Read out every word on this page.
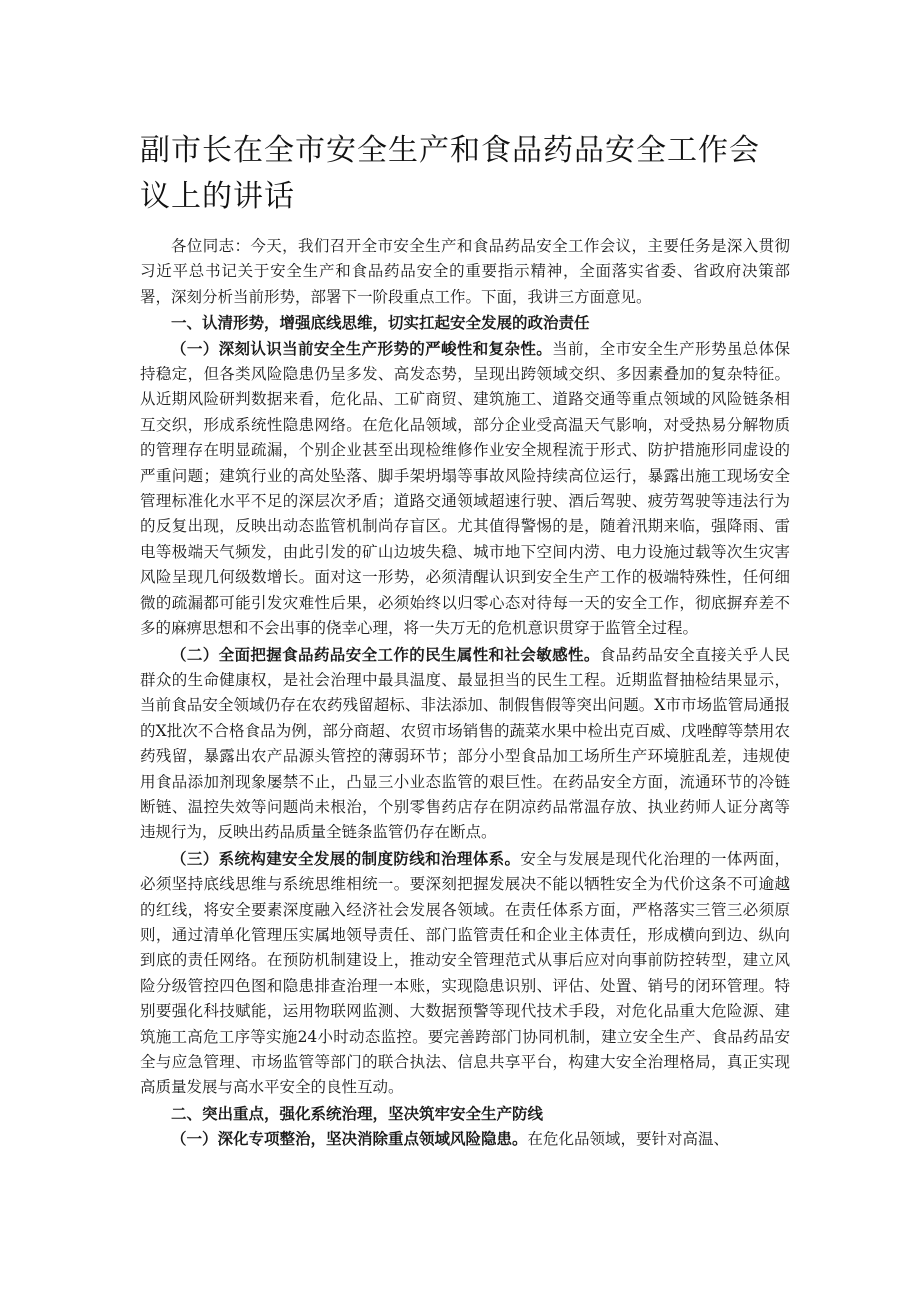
副市长在全市安全生产和食品药品安全工作会议上的讲话

各位同志：今天，我们召开全市安全生产和食品药品安全工作会议，主要任务是深入贯彻习近平总书记关于安全生产和食品药品安全的重要指示精神，全面落实省委、省政府决策部署，深刻分析当前形势，部署下一阶段重点工作。下面，我讲三方面意见。

一、认清形势，增强底线思维，切实扛起安全发展的政治责任

（一）深刻认识当前安全生产形势的严峻性和复杂性。当前，全市安全生产形势虽总体保持稳定，但各类风险隐患仍呈多发、高发态势，呈现出跨领域交织、多因素叠加的复杂特征。从近期风险研判数据来看，危化品、工矿商贸、建筑施工、道路交通等重点领域的风险链条相互交织，形成系统性隐患网络。在危化品领域，部分企业受高温天气影响，对受热易分解物质的管理存在明显疏漏，个别企业甚至出现检维修作业安全规程流于形式、防护措施形同虚设的严重问题；建筑行业的高处坠落、脚手架坍塌等事故风险持续高位运行，暴露出施工现场安全管理标准化水平不足的深层次矛盾；道路交通领域超速行驶、酒后驾驶、疲劳驾驶等违法行为的反复出现，反映出动态监管机制尚存盲区。尤其值得警惕的是，随着汛期来临，强降雨、雷电等极端天气频发，由此引发的矿山边坡失稳、城市地下空间内涝、电力设施过载等次生灾害风险呈现几何级数增长。面对这一形势，必须清醒认识到安全生产工作的极端特殊性，任何细微的疏漏都可能引发灾难性后果，必须始终以归零心态对待每一天的安全工作，彻底摒弃差不多的麻痹思想和不会出事的侥幸心理，将一失万无的危机意识贯穿于监管全过程。

（二）全面把握食品药品安全工作的民生属性和社会敏感性。食品药品安全直接关乎人民群众的生命健康权，是社会治理中最具温度、最显担当的民生工程。近期监督抽检结果显示，当前食品安全领域仍存在农药残留超标、非法添加、制假售假等突出问题。X市市场监管局通报的X批次不合格食品为例，部分商超、农贸市场销售的蔬菜水果中检出克百威、戊唑醇等禁用农药残留，暴露出农产品源头管控的薄弱环节；部分小型食品加工场所生产环境脏乱差，违规使用食品添加剂现象屡禁不止，凸显三小业态监管的艰巨性。在药品安全方面，流通环节的冷链断链、温控失效等问题尚未根治，个别零售药店存在阴凉药品常温存放、执业药师人证分离等违规行为，反映出药品质量全链条监管仍存在断点。

（三）系统构建安全发展的制度防线和治理体系。安全与发展是现代化治理的一体两面，必须坚持底线思维与系统思维相统一。要深刻把握发展决不能以牺牲安全为代价这条不可逾越的红线，将安全要素深度融入经济社会发展各领域。在责任体系方面，严格落实三管三必须原则，通过清单化管理压实属地领导责任、部门监管责任和企业主体责任，形成横向到边、纵向到底的责任网络。在预防机制建设上，推动安全管理范式从事后应对向事前防控转型，建立风险分级管控四色图和隐患排查治理一本账，实现隐患识别、评估、处置、销号的闭环管理。特别要强化科技赋能，运用物联网监测、大数据预警等现代技术手段，对危化品重大危险源、建筑施工高危工序等实施24小时动态监控。要完善跨部门协同机制，建立安全生产、食品药品安全与应急管理、市场监管等部门的联合执法、信息共享平台，构建大安全治理格局，真正实现高质量发展与高水平安全的良性互动。

二、突出重点，强化系统治理，坚决筑牢安全生产防线

（一）深化专项整治，坚决消除重点领域风险隐患。在危化品领域，要针对高温、
